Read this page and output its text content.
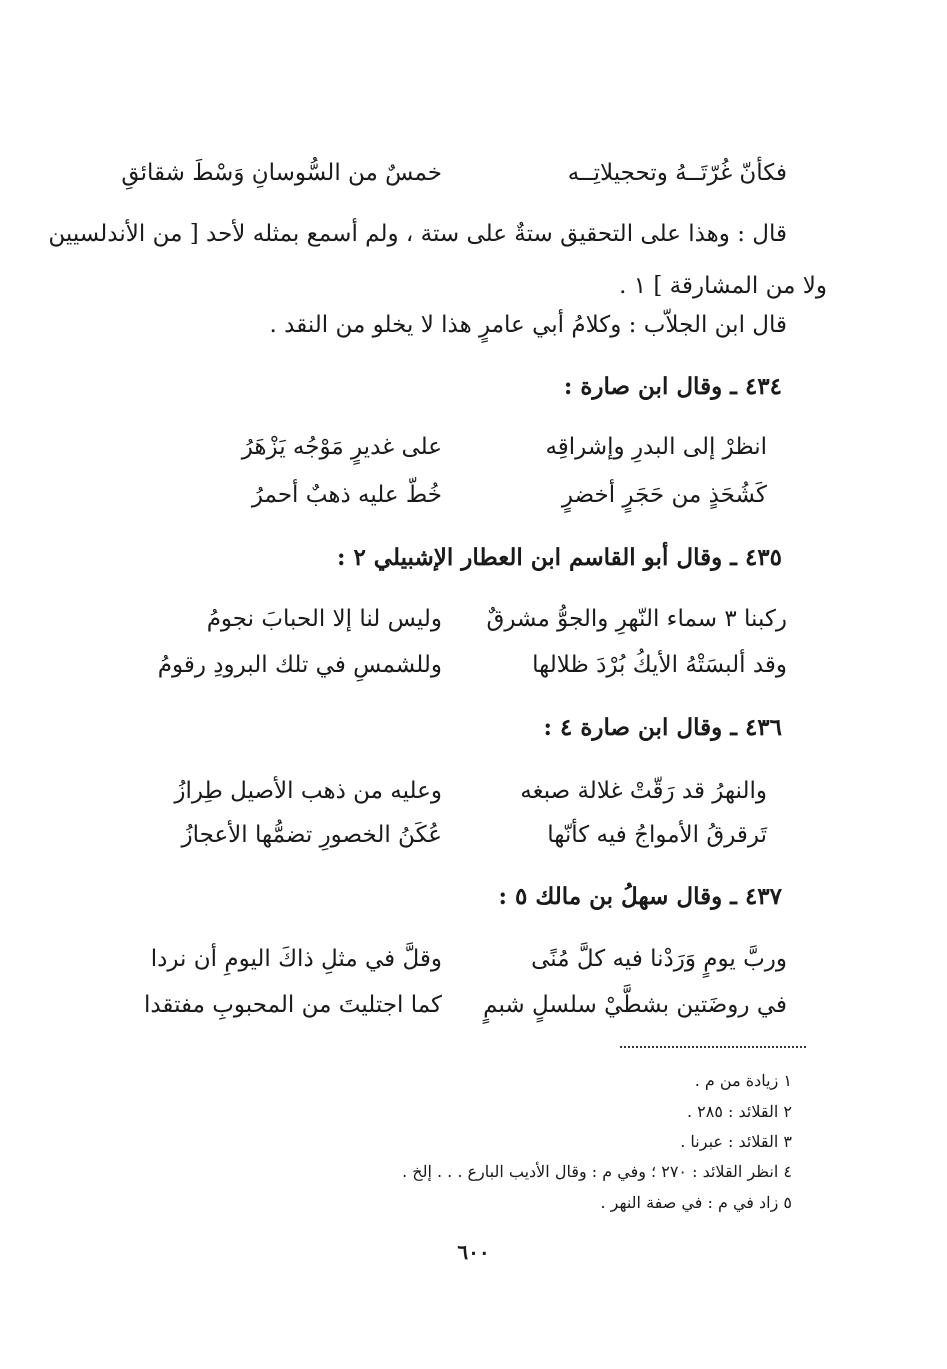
فكأنّ غُرّتَــهُ وتحجيلاتِــه
خمسٌ من السُّوسانِ وَسْطَ شقائقِ
قال : وهذا على التحقيق ستةٌ على ستة ، ولم أسمع بمثله لأحد [ من الأندلسيين
ولا من المشارقة ] ١ .
قال ابن الجلاّب : وكلامُ أبي عامرٍ هذا لا يخلو من النقد .
٤٣٤ ـ وقال ابن صارة :
انظرْ إلى البدرِ وإشراقِه
على غديرٍ مَوْجُه يَزْهَرُ
كَشُحَذٍ من حَجَرٍ أخضرٍ
خُطّ عليه ذهبٌ أحمرُ
٤٣٥ ـ وقال أبو القاسم ابن العطار الإشبيلي ٢ :
ركبنا ٣ سماء النّهرِ والجوُّ مشرقٌ
وليس لنا إلا الحبابَ نجومُ
وقد ألبسَتْهُ الأيكُ بُرْدَ ظلالها
وللشمسِ في تلك البرودِ رقومُ
٤٣٦ ـ وقال ابن صارة ٤ :
والنهرُ قد رَقّتْ غلالة صبغه
وعليه من ذهب الأصيل طِرازُ
تَرقرقُ الأمواجُ فيه كأنّها
عُكَنُ الخصورِ تضمُّها الأعجازُ
٤٣٧ ـ وقال سهلُ بن مالك ٥ :
وربَّ يومٍ وَرَدْنا فيه كلَّ مُنًى
وقلَّ في مثلِ ذاكَ اليومِ أن نردا
في روضَتين بشطَّيْ سلسلٍ شبمٍ
كما اجتليتَ من المحبوبِ مفتقدا
١ زيادة من م .
٢ القلائد : ٢٨٥ .
٣ القلائد : عبرنا .
٤ انظر القلائد : ٢٧٠ ؛ وفي م : وقال الأديب البارع . . . إلخ .
٥ زاد في م : في صفة النهر .
٦٠٠
